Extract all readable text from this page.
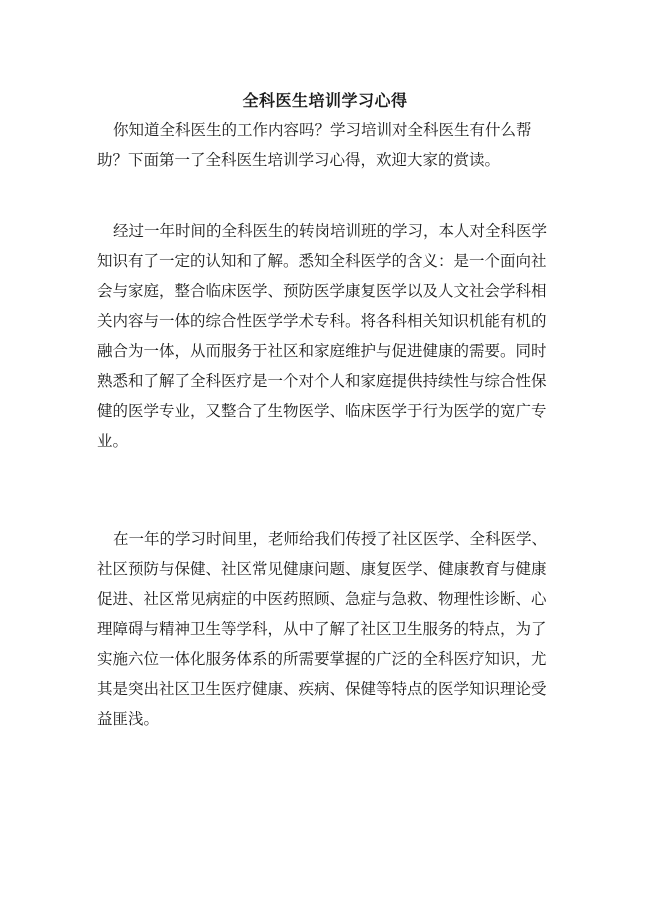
全科医生培训学习心得
你知道全科医生的工作内容吗？学习培训对全科医生有什么帮
助？下面第一了全科医生培训学习心得，欢迎大家的赏读。
经过一年时间的全科医生的转岗培训班的学习，本人对全科医学
知识有了一定的认知和了解。悉知全科医学的含义：是一个面向社
会与家庭，整合临床医学、预防医学康复医学以及人文社会学科相
关内容与一体的综合性医学学术专科。将各科相关知识机能有机的
融合为一体，从而服务于社区和家庭维护与促进健康的需要。同时
熟悉和了解了全科医疗是一个对个人和家庭提供持续性与综合性保
健的医学专业，又整合了生物医学、临床医学于行为医学的宽广专
业。
在一年的学习时间里，老师给我们传授了社区医学、全科医学、
社区预防与保健、社区常见健康问题、康复医学、健康教育与健康
促进、社区常见病症的中医药照顾、急症与急救、物理性诊断、心
理障碍与精神卫生等学科，从中了解了社区卫生服务的特点，为了
实施六位一体化服务体系的所需要掌握的广泛的全科医疗知识，尤
其是突出社区卫生医疗健康、疾病、保健等特点的医学知识理论受
益匪浅。
